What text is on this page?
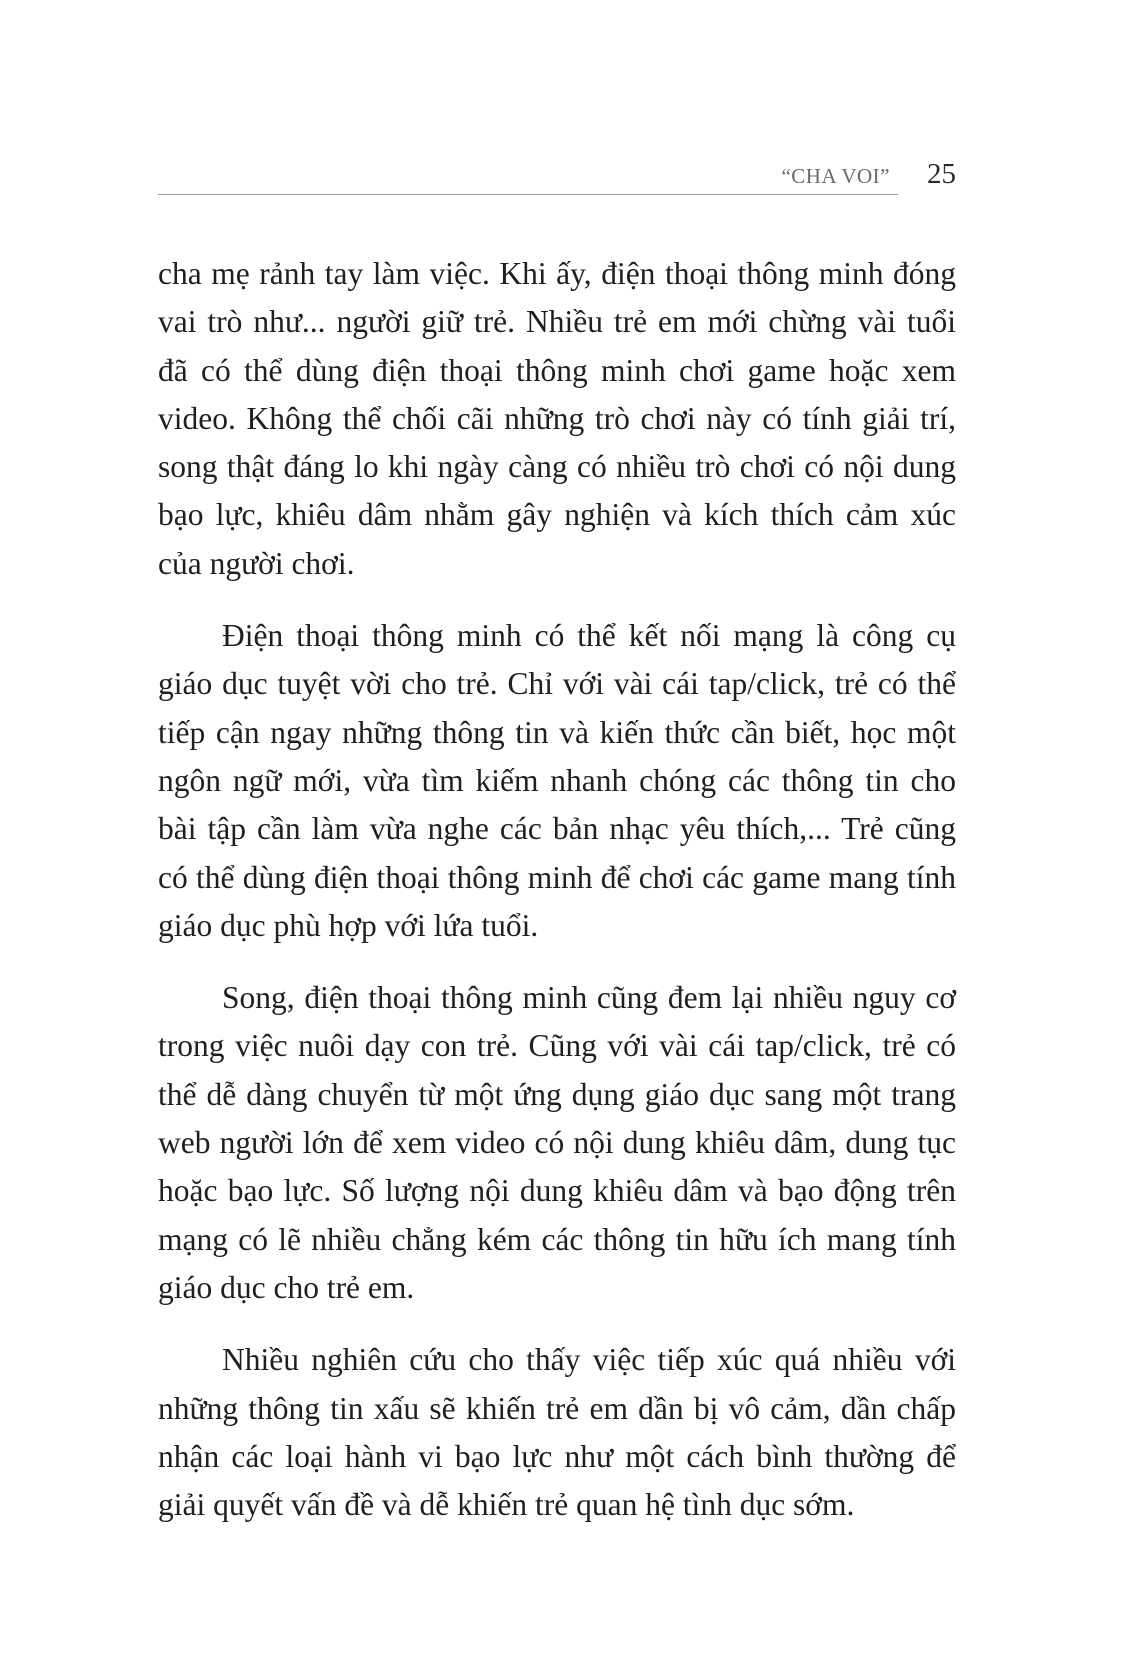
“CHA VOI” 25

cha mẹ rảnh tay làm việc. Khi ấy, điện thoại thông minh đóng vai trò như... người giữ trẻ. Nhiều trẻ em mới chừng vài tuổi đã có thể dùng điện thoại thông minh chơi game hoặc xem video. Không thể chối cãi những trò chơi này có tính giải trí, song thật đáng lo khi ngày càng có nhiều trò chơi có nội dung bạo lực, khiêu dâm nhằm gây nghiện và kích thích cảm xúc của người chơi.

Điện thoại thông minh có thể kết nối mạng là công cụ giáo dục tuyệt vời cho trẻ. Chỉ với vài cái tap/click, trẻ có thể tiếp cận ngay những thông tin và kiến thức cần biết, học một ngôn ngữ mới, vừa tìm kiếm nhanh chóng các thông tin cho bài tập cần làm vừa nghe các bản nhạc yêu thích,... Trẻ cũng có thể dùng điện thoại thông minh để chơi các game mang tính giáo dục phù hợp với lứa tuổi.

Song, điện thoại thông minh cũng đem lại nhiều nguy cơ trong việc nuôi dạy con trẻ. Cũng với vài cái tap/click, trẻ có thể dễ dàng chuyển từ một ứng dụng giáo dục sang một trang web người lớn để xem video có nội dung khiêu dâm, dung tục hoặc bạo lực. Số lượng nội dung khiêu dâm và bạo động trên mạng có lẽ nhiều chẳng kém các thông tin hữu ích mang tính giáo dục cho trẻ em.

Nhiều nghiên cứu cho thấy việc tiếp xúc quá nhiều với những thông tin xấu sẽ khiến trẻ em dần bị vô cảm, dần chấp nhận các loại hành vi bạo lực như một cách bình thường để giải quyết vấn đề và dễ khiến trẻ quan hệ tình dục sớm.
